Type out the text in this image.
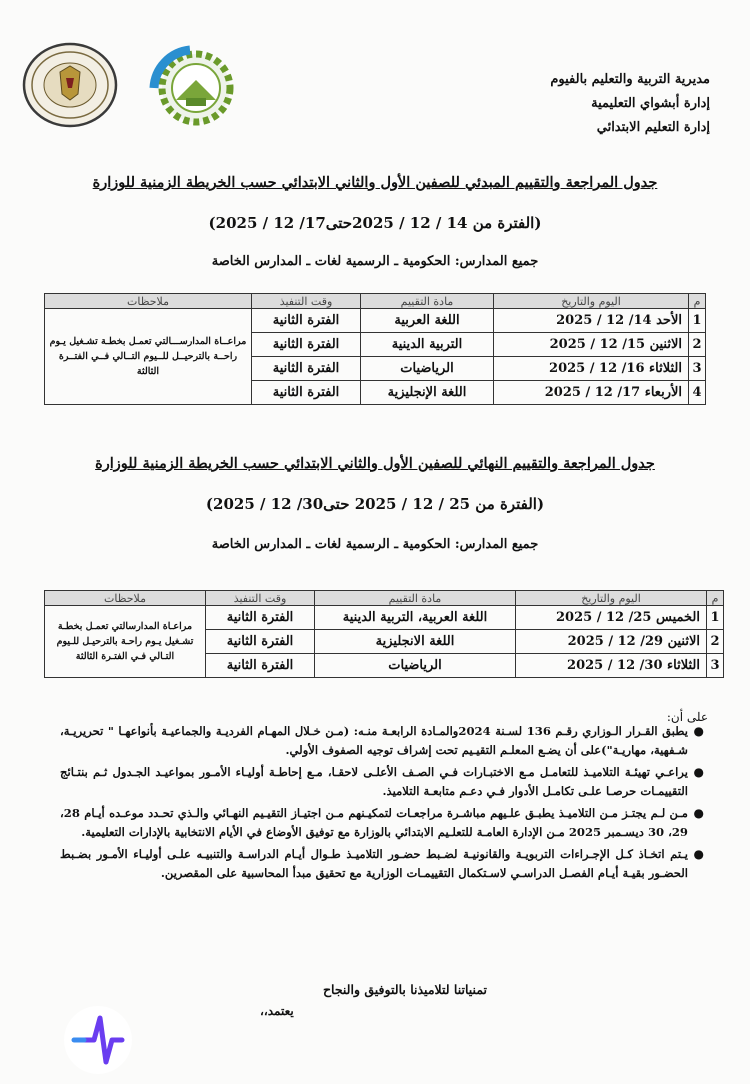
مديرية التربية والتعليم بالفيوم
إدارة أبشواي التعليمية
إدارة التعليم الابتدائي
جدول المراجعة والتقييم المبدئي للصفين الأول والثاني الابتدائي حسب الخريطة الزمنية للوزارة
(الفترة من 14 / 12 / 2025حتى17/ 12 / 2025)
جميع المدارس: الحكومية ـ الرسمية لغات ـ المدارس الخاصة
م	اليوم والتاريخ	مادة التقييم	وقت التنفيذ	ملاحظات
1	الأحد 14/ 12 / 2025	اللغة العربية	الفترة الثانية	مراعــاة المدارســـالتي تعمـل بخطـة تشـغيل يـوم راحــة بالترحيــل للــيوم التــالي فــي الفتــرة الثالثة
2	الاثنين 15/ 12 / 2025	التربية الدينية	الفترة الثانية	
3	الثلاثاء 16/ 12 / 2025	الرياضيات	الفترة الثانية	
4	الأربعاء 17/ 12 / 2025	اللغة الإنجليزية	الفترة الثانية	
جدول المراجعة والتقييم النهائي للصفين الأول والثاني الابتدائي حسب الخريطة الزمنية للوزارة
(الفترة من 25 / 12 / 2025 حتى30/ 12 / 2025)
جميع المدارس: الحكومية ـ الرسمية لغات ـ المدارس الخاصة
م	اليوم والتاريخ	مادة التقييم	وقت التنفيذ	ملاحظات
1	الخميس 25/ 12 / 2025	اللغة العربية، التربية الدينية	الفترة الثانية	مراعـاة المدارسالتي تعمـل بخطـة تشـغيل يـوم راحـة بالترحيـل للـيوم التـالي فـي الفتـرة الثالثة
2	الاثنين 29/ 12 / 2025	اللغة الانجليزية	الفترة الثانية	
3	الثلاثاء 30/ 12 / 2025	الرياضيات	الفترة الثانية	
على أن:
●
يطبق القـرار الـوزاري رقـم 136 لسـنة 2024والمـادة الرابعـة منـه: (مـن خـلال المهـام الفرديـة والجماعيـة بأنواعهـا " تحريريـة، شـفهية، مهاريـة")على أن يضـع المعلـم التقيـيم تحت إشراف توجيه الصفوف الأولي.
●
يراعـي تهيئـة التلاميـذ للتعامـل مـع الاختبـارات فـي الصـف الأعلـى لاحقـا، مـع إحاطـة أوليـاء الأمـور بمواعيـد الجـدول ثـم بنتـائج التقييمـات حرصـا علـى تكامـل الأدوار فـي دعـم متابعـة التلاميذ.
●
مـن لـم يجتـز مـن التلاميـذ يطبـق علـيهم مباشـرة مراجعـات لتمكيـنهم مـن اجتيـاز التقيـيم النهـائي والـذي تحـدد موعـده أيـام 28، 29، 30 ديسـمبر 2025 مـن الإدارة العامـة للتعلـيم الابتدائي بالوزارة مع توفيق الأوضاع في الأيام الانتخابية بالإدارات التعليمية.
●
يـتم اتخـاذ كـل الإجـراءات التربويـة والقانونيـة لضـبط حضـور التلاميـذ طـوال أيـام الدراسـة والتنبيـه علـى أوليـاء الأمـور بضـبط الحضـور بقيـة أيـام الفصـل الدراسـي لاسـتكمال التقييمـات الوزارية مع تحقيق مبدأ المحاسبية على المقصرين.
تمنياتنا لتلاميذنا بالتوفيق والنجاح
يعتمد،،
